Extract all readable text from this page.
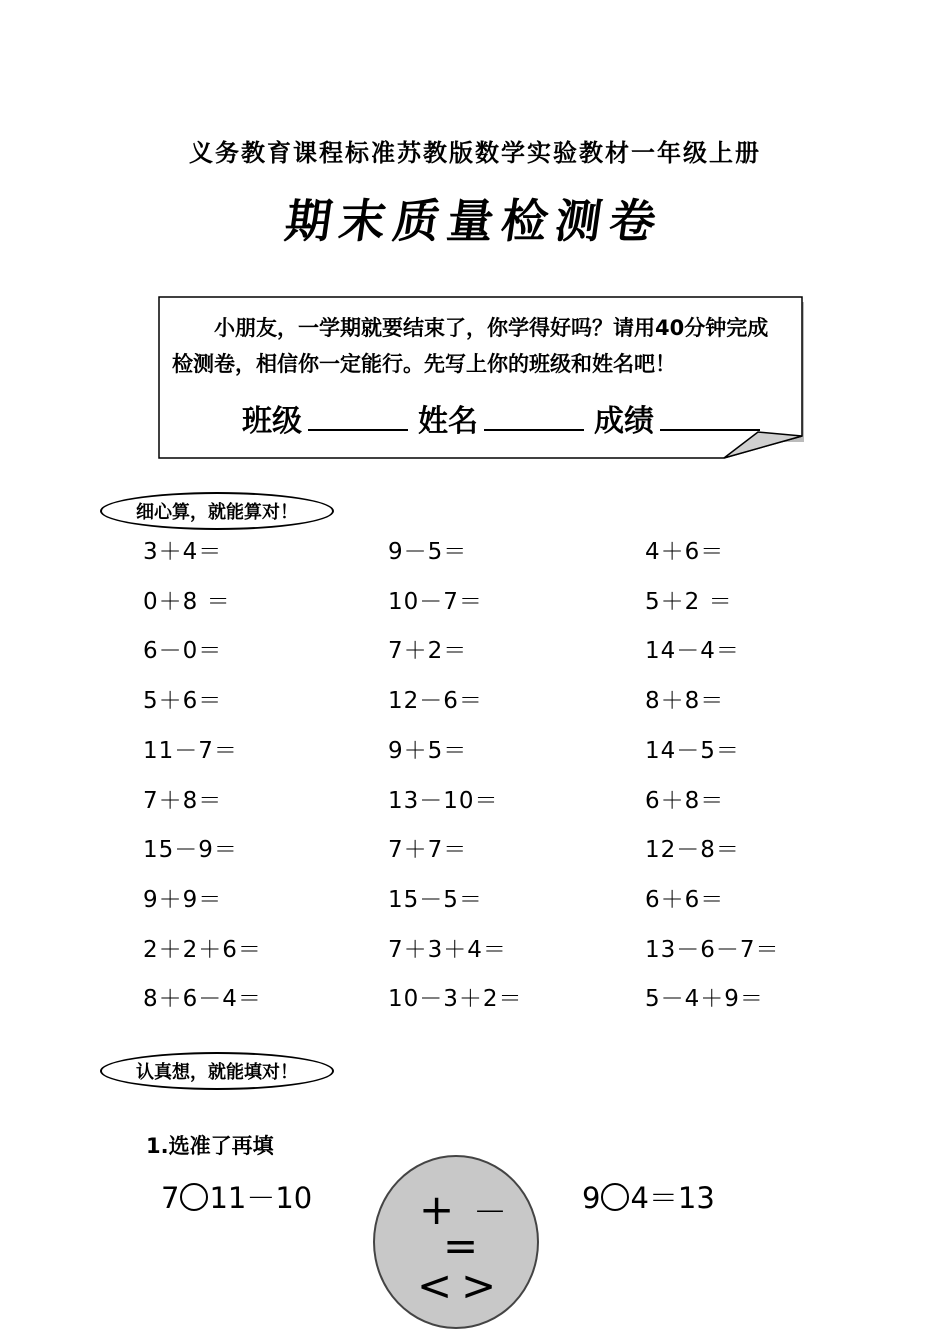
义务教育课程标准苏教版数学实验教材一年级上册
期末质量检测卷
小朋友，一学期就要结束了，你学得好吗？请用40分钟完成
检测卷，相信你一定能行。先写上你的班级和姓名吧！
班级	姓名	成绩
细心算，就能算对！
3＋4＝	9－5＝	4＋6＝
0＋8 ＝	10－7＝	5＋2 ＝
6－0＝	7＋2＝	14－4＝
5＋6＝	12－6＝	8＋8＝
11－7＝	9＋5＝	14－5＝
7＋8＝	13－10＝	6＋8＝
15－9＝	7＋7＝	12－8＝
9＋9＝	15－5＝	6＋6＝
2＋2＋6＝	7＋3＋4＝	13－6－7＝
8＋6－4＝	10－3＋2＝	5－4＋9＝
认真想，就能填对！
1.选准了再填
7 11－10	9 4＝13
+ －
=
< >
